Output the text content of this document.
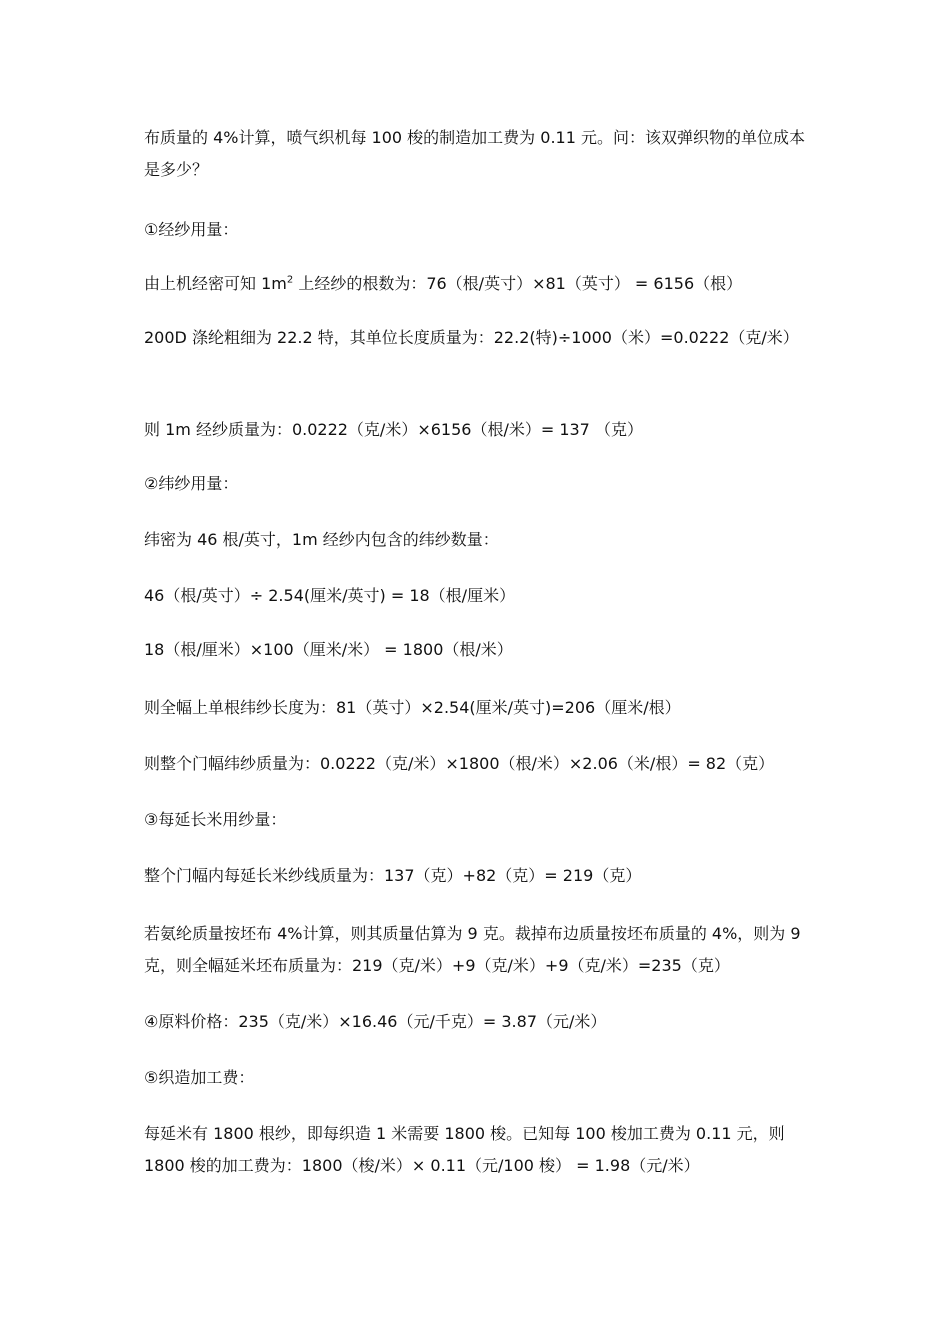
布质量的 4%计算，喷气织机每 100 梭的制造加工费为 0.11 元。问：该双弹织物的单位成本是多少？

①经纱用量：

由上机经密可知 $1m^2$ 上经纱的根数为：76（根/英寸）×81（英寸） = 6156（根）

200D 涤纶粗细为 22.2 特，其单位长度质量为：22.2(特)÷1000（米）=0.0222（克/米）

则 1m 经纱质量为：0.0222（克/米）×6156（根/米）= 137 （克）

②纬纱用量：

纬密为 46 根/英寸，1m 经纱内包含的纬纱数量：

46（根/英寸）÷ 2.54(厘米/英寸) = 18（根/厘米）

18（根/厘米）×100（厘米/米） = 1800（根/米）

则全幅上单根纬纱长度为：81（英寸）×2.54(厘米/英寸)=206（厘米/根）

则整个门幅纬纱质量为：0.0222（克/米）×1800（根/米）×2.06（米/根）= 82（克）

③每延长米用纱量：

整个门幅内每延长米纱线质量为：137（克）+82（克）= 219（克）

若氨纶质量按坯布 4%计算，则其质量估算为 9 克。裁掉布边质量按坯布质量的 4%，则为 9 克，则全幅延米坯布质量为：219（克/米）+9（克/米）+9（克/米）=235（克）

④原料价格：235（克/米）×16.46（元/千克）= 3.87（元/米）

⑤织造加工费：

每延米有 1800 根纱，即每织造 1 米需要 1800 梭。已知每 100 梭加工费为 0.11 元，则1800 梭的加工费为：1800（梭/米）× 0.11（元/100 梭） = 1.98（元/米）
